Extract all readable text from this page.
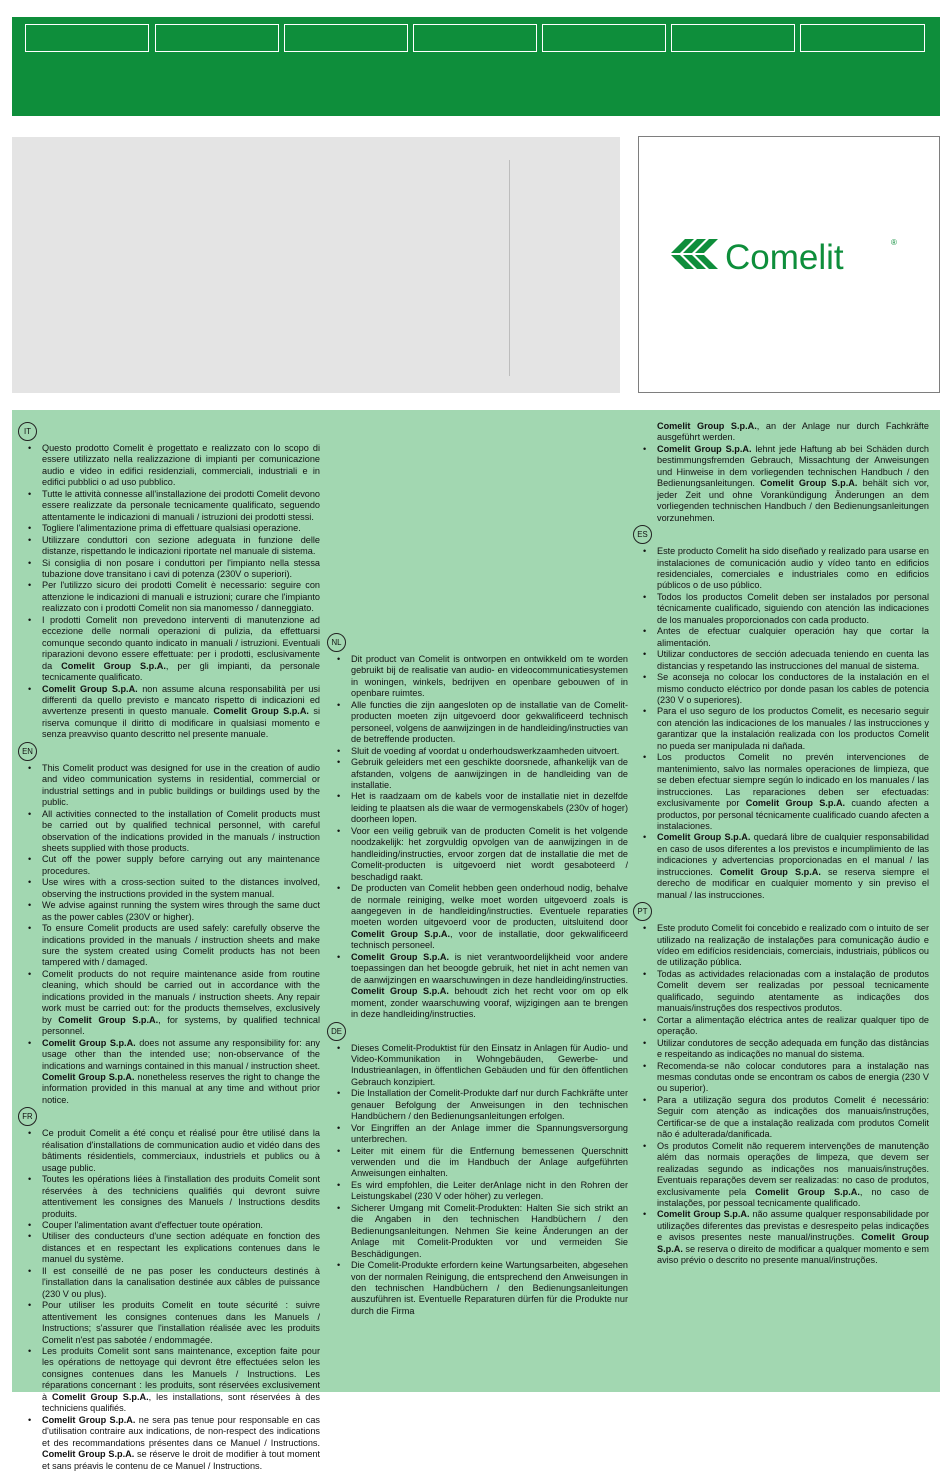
Comelit	®
IT
• Questo prodotto Comelit è progettato e realizzato con lo scopo di essere utilizzato nella realizzazione di impianti per comunicazione audio e video in edifici residenziali, commerciali, industriali e in edifici pubblici o ad uso pubblico.
• Tutte le attività connesse all'installazione dei prodotti Comelit devono essere realizzate da personale tecnicamente qualificato, seguendo attentamente le indicazioni di manuali / istruzioni dei prodotti stessi.
• Togliere l'alimentazione prima di effettuare qualsiasi operazione.
• Utilizzare conduttori con sezione adeguata in funzione delle distanze, rispettando le indicazioni riportate nel manuale di sistema.
• Si consiglia di non posare i conduttori per l'impianto nella stessa tubazione dove transitano i cavi di potenza (230V o superiori).
• Per l'utilizzo sicuro dei prodotti Comelit è necessario: seguire con attenzione le indicazioni di manuali e istruzioni; curare che l'impianto realizzato con i prodotti Comelit non sia manomesso / danneggiato.
• I prodotti Comelit non prevedono interventi di manutenzione ad eccezione delle normali operazioni di pulizia, da effettuarsi comunque secondo quanto indicato in manuali / istruzioni. Eventuali riparazioni devono essere effettuate: per i prodotti, esclusivamente da Comelit Group S.p.A., per gli impianti, da personale tecnicamente qualificato.
• Comelit Group S.p.A. non assume alcuna responsabilità per usi differenti da quello previsto e mancato rispetto di indicazioni ed avvertenze presenti in questo manuale. Comelit Group S.p.A. si riserva comunque il diritto di modificare in qualsiasi momento e senza preavviso quanto descritto nel presente manuale.
EN
• This Comelit product was designed for use in the creation of audio and video communication systems in residential, commercial or industrial settings and in public buildings or buildings used by the public.
• All activities connected to the installation of Comelit products must be carried out by qualified technical personnel, with careful observation of the indications provided in the manuals / instruction sheets supplied with those products.
• Cut off the power supply before carrying out any maintenance procedures.
• Use wires with a cross-section suited to the distances involved, observing the instructions provided in the system manual.
• We advise against running the system wires through the same duct as the power cables (230V or higher).
• To ensure Comelit products are used safely: carefully observe the indications provided in the manuals / instruction sheets and make sure the system created using Comelit products has not been tampered with / damaged.
• Comelit products do not require maintenance aside from routine cleaning, which should be carried out in accordance with the indications provided in the manuals / instruction sheets. Any repair work must be carried out: for the products themselves, exclusively by Comelit Group S.p.A., for systems, by qualified technical personnel.
• Comelit Group S.p.A. does not assume any responsibility for: any usage other than the intended use; non-observance of the indications and warnings contained in this manual / instruction sheet. Comelit Group S.p.A. nonetheless reserves the right to change the information provided in this manual at any time and without prior notice.
FR
• Ce produit Comelit a été conçu et réalisé pour être utilisé dans la réalisation d'installations de communication audio et vidéo dans des bâtiments résidentiels, commerciaux, industriels et publics ou à usage public.
• Toutes les opérations liées à l'installation des produits Comelit sont réservées à des techniciens qualifiés qui devront suivre attentivement les consignes des Manuels / Instructions desdits produits.
• Couper l'alimentation avant d'effectuer toute opération.
• Utiliser des conducteurs d'une section adéquate en fonction des distances et en respectant les explications contenues dans le manuel du système.
• Il est conseillé de ne pas poser les conducteurs destinés à l'installation dans la canalisation destinée aux câbles de puissance (230 V ou plus).
• Pour utiliser les produits Comelit en toute sécurité : suivre attentivement les consignes contenues dans les Manuels / Instructions; s'assurer que l'installation réalisée avec les produits Comelit n'est pas sabotée / endommagée.
• Les produits Comelit sont sans maintenance, exception faite pour les opérations de nettoyage qui devront être effectuées selon les consignes contenues dans les Manuels / Instructions. Les réparations concernant : les produits, sont réservées exclusivement à Comelit Group S.p.A., les installations, sont réservées à des techniciens qualifiés.
• Comelit Group S.p.A. ne sera pas tenue pour responsable en cas d'utilisation contraire aux indications, de non-respect des indications et des recommandations présentes dans ce Manuel / Instructions. Comelit Group S.p.A. se réserve le droit de modifier à tout moment et sans préavis le contenu de ce Manuel / Instructions.
NL
• Dit product van Comelit is ontworpen en ontwikkeld om te worden gebruikt bij de realisatie van audio- en videocommunicatiesystemen in woningen, winkels, bedrijven en openbare gebouwen of in openbare ruimtes.
• Alle functies die zijn aangesloten op de installatie van de Comelit-producten moeten zijn uitgevoerd door gekwalificeerd technisch personeel, volgens de aanwijzingen in de handleiding/instructies van de betreffende producten.
• Sluit de voeding af voordat u onderhoudswerkzaamheden uitvoert.
• Gebruik geleiders met een geschikte doorsnede, afhankelijk van de afstanden, volgens de aanwijzingen in de handleiding van de installatie.
• Het is raadzaam om de kabels voor de installatie niet in dezelfde leiding te plaatsen als die waar de vermogenskabels (230v of hoger) doorheen lopen.
• Voor een veilig gebruik van de producten Comelit is het volgende noodzakelijk: het zorgvuldig opvolgen van de aanwijzingen in de handleiding/instructies, ervoor zorgen dat de installatie die met de Comelit-producten is uitgevoerd niet wordt gesaboteerd / beschadigd raakt.
• De producten van Comelit hebben geen onderhoud nodig, behalve de normale reiniging, welke moet worden uitgevoerd zoals is aangegeven in de handleiding/instructies. Eventuele reparaties moeten worden uitgevoerd voor de producten, uitsluitend door Comelit Group S.p.A., voor de installatie, door gekwalificeerd technisch personeel.
• Comelit Group S.p.A. is niet verantwoordelijkheid voor andere toepassingen dan het beoogde gebruik, het niet in acht nemen van de aanwijzingen en waarschuwingen in deze handleiding/instructies. Comelit Group S.p.A. behoudt zich het recht voor om op elk moment, zonder waarschuwing vooraf, wijzigingen aan te brengen in deze handleiding/instructies.
DE
• Dieses Comelit-Produktist für den Einsatz in Anlagen für Audio- und Video-Kommunikation in Wohngebäuden, Gewerbe- und Industrieanlagen, in öffentlichen Gebäuden und für den öffentlichen Gebrauch konzipiert.
• Die Installation der Comelit-Produkte darf nur durch Fachkräfte unter genauer Befolgung der Anweisungen in den technischen Handbüchern / den Bedienungsanleitungen erfolgen.
• Vor Eingriffen an der Anlage immer die Spannungsversorgung unterbrechen.
• Leiter mit einem für die Entfernung bemessenen Querschnitt verwenden und die im Handbuch der Anlage aufgeführten Anweisungen einhalten.
• Es wird empfohlen, die Leiter derAnlage nicht in den Rohren der Leistungskabel (230 V oder höher) zu verlegen.
• Sicherer Umgang mit Comelit-Produkten: Halten Sie sich strikt an die Angaben in den technischen Handbüchern / den Bedienungsanleitungen. Nehmen Sie keine Änderungen an der Anlage mit Comelit-Produkten vor und vermeiden Sie Beschädigungen.
• Die Comelit-Produkte erfordern keine Wartungsarbeiten, abgesehen von der normalen Reinigung, die entsprechend den Anweisungen in den technischen Handbüchern / den Bedienungsanleitungen auszuführen ist. Eventuelle Reparaturen dürfen für die Produkte nur durch die Firma
Comelit Group S.p.A., an der Anlage nur durch Fachkräfte ausgeführt werden.
• Comelit Group S.p.A. lehnt jede Haftung ab bei Schäden durch bestimmungsfremden Gebrauch, Missachtung der Anweisungen und Hinweise in dem vorliegenden technischen Handbuch / den Bedienungsanleitungen. Comelit Group S.p.A. behält sich vor, jeder Zeit und ohne Vorankündigung Änderungen an dem vorliegenden technischen Handbuch / den Bedienungsanleitungen vorzunehmen.
ES
• Este producto Comelit ha sido diseñado y realizado para usarse en instalaciones de comunicación audio y vídeo tanto en edificios residenciales, comerciales e industriales como en edificios públicos o de uso público.
• Todos los productos Comelit deben ser instalados por personal técnicamente cualificado, siguiendo con atención las indicaciones de los manuales proporcionados con cada producto.
• Antes de efectuar cualquier operación hay que cortar la alimentación.
• Utilizar conductores de sección adecuada teniendo en cuenta las distancias y respetando las instrucciones del manual de sistema.
• Se aconseja no colocar los conductores de la instalación en el mismo conducto eléctrico por donde pasan los cables de potencia (230 V o superiores).
• Para el uso seguro de los productos Comelit, es necesario seguir con atención las indicaciones de los manuales / las instrucciones y garantizar que la instalación realizada con los productos Comelit no pueda ser manipulada ni dañada.
• Los productos Comelit no prevén intervenciones de mantenimiento, salvo las normales operaciones de limpieza, que se deben efectuar siempre según lo indicado en los manuales / las instrucciones. Las reparaciones deben ser efectuadas: exclusivamente por Comelit Group S.p.A. cuando afecten a productos, por personal técnicamente cualificado cuando afecten a instalaciones.
• Comelit Group S.p.A. quedará libre de cualquier responsabilidad en caso de usos diferentes a los previstos e incumplimiento de las indicaciones y advertencias proporcionadas en el manual / las instrucciones. Comelit Group S.p.A. se reserva siempre el derecho de modificar en cualquier momento y sin previso el manual / las instrucciones.
PT
• Este produto Comelit foi concebido e realizado com o intuito de ser utilizado na realização de instalações para comunicação áudio e vídeo em edifícios residenciais, comerciais, industriais, públicos ou de utilização pública.
• Todas as actividades relacionadas com a instalação de produtos Comelit devem ser realizadas por pessoal tecnicamente qualificado, seguindo atentamente as indicações dos manuais/instruções dos respectivos produtos.
• Cortar a alimentação eléctrica antes de realizar qualquer tipo de operação.
• Utilizar condutores de secção adequada em função das distâncias e respeitando as indicações no manual do sistema.
• Recomenda-se não colocar condutores para a instalação nas mesmas condutas onde se encontram os cabos de energia (230 V ou superior).
• Para a utilização segura dos produtos Comelit é necessário: Seguir com atenção as indicações dos manuais/instruções, Certificar-se de que a instalação realizada com produtos Comelit não é adulterada/danificada.
• Os produtos Comelit não requerem intervenções de manutenção além das normais operações de limpeza, que devem ser realizadas segundo as indicações nos manuais/instruções. Eventuais reparações devem ser realizadas: no caso de produtos, exclusivamente pela Comelit Group S.p.A., no caso de instalações, por pessoal tecnicamente qualificado.
• Comelit Group S.p.A. não assume qualquer responsabilidade por utilizações diferentes das previstas e desrespeito pelas indicações e avisos presentes neste manual/instruções. Comelit Group S.p.A. se reserva o direito de modificar a qualquer momento e sem aviso prévio o descrito no presente manual/instruções.
